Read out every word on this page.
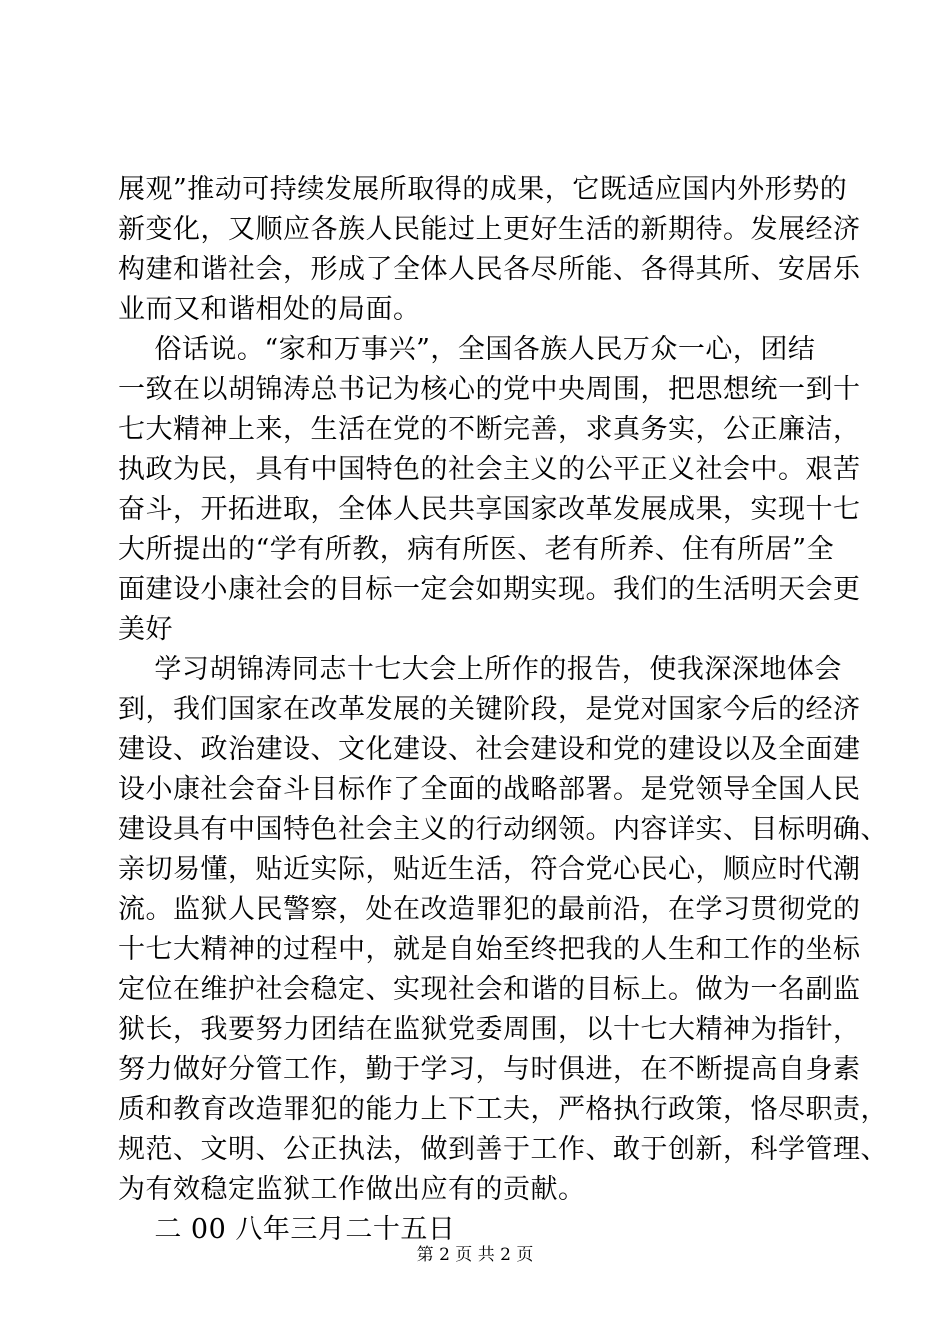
展观”推动可持续发展所取得的成果，它既适应国内外形势的
新变化，又顺应各族人民能过上更好生活的新期待。发展经济
构建和谐社会，形成了全体人民各尽所能、各得其所、安居乐
业而又和谐相处的局面。
俗话说。“家和万事兴”，全国各族人民万众一心，团结
一致在以胡锦涛总书记为核心的党中央周围，把思想统一到十
七大精神上来，生活在党的不断完善，求真务实，公正廉洁，
执政为民，具有中国特色的社会主义的公平正义社会中。艰苦
奋斗，开拓进取，全体人民共享国家改革发展成果，实现十七
大所提出的“学有所教，病有所医、老有所养、住有所居”全
面建设小康社会的目标一定会如期实现。我们的生活明天会更
美好
学习胡锦涛同志十七大会上所作的报告，使我深深地体会
到，我们国家在改革发展的关键阶段，是党对国家今后的经济
建设、政治建设、文化建设、社会建设和党的建设以及全面建
设小康社会奋斗目标作了全面的战略部署。是党领导全国人民
建设具有中国特色社会主义的行动纲领。内容详实、目标明确、
亲切易懂，贴近实际，贴近生活，符合党心民心，顺应时代潮
流。监狱人民警察，处在改造罪犯的最前沿，在学习贯彻党的
十七大精神的过程中，就是自始至终把我的人生和工作的坐标
定位在维护社会稳定、实现社会和谐的目标上。做为一名副监
狱长，我要努力团结在监狱党委周围，以十七大精神为指针，
努力做好分管工作，勤于学习，与时俱进，在不断提高自身素
质和教育改造罪犯的能力上下工夫，严格执行政策，恪尽职责，
规范、文明、公正执法，做到善于工作、敢于创新，科学管理、
为有效稳定监狱工作做出应有的贡献。
二 00 八年三月二十五日
第 2 页 共 2 页
